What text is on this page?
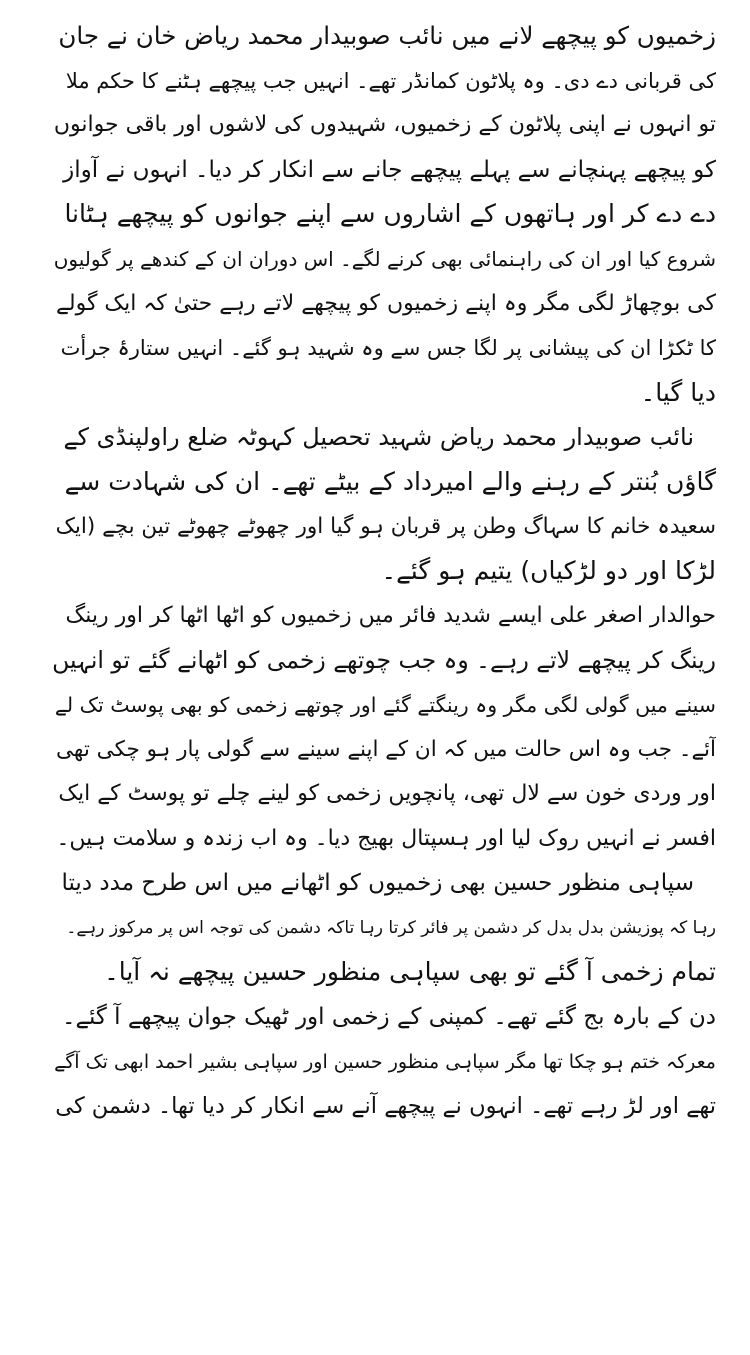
زخمیوں کو پیچھے لانے میں نائب صوبیدار محمد ریاض خان نے جان
کی قربانی دے دی۔ وہ پلاٹون کمانڈر تھے۔ انہیں جب پیچھے ہٹنے کا حکم ملا
تو انہوں نے اپنی پلاٹون کے زخمیوں، شہیدوں کی لاشوں اور باقی جوانوں
کو پیچھے پہنچانے سے پہلے پیچھے جانے سے انکار کر دیا۔ انہوں نے آواز
دے دے کر اور ہاتھوں کے اشاروں سے اپنے جوانوں کو پیچھے ہٹانا
شروع کیا اور ان کی راہنمائی بھی کرنے لگے۔ اس دوران ان کے کندھے پر گولیوں
کی بوچھاڑ لگی مگر وہ اپنے زخمیوں کو پیچھے لاتے رہے حتیٰ کہ ایک گولے
کا ٹکڑا ان کی پیشانی پر لگا جس سے وہ شہید ہو گئے۔ انہیں ستارۂ جرأت
دیا گیا۔
نائب صوبیدار محمد ریاض شہید تحصیل کہوٹہ ضلع راولپنڈی کے
گاؤں بُنتر کے رہنے والے امیرداد کے بیٹے تھے۔ ان کی شہادت سے
سعیدہ خانم کا سہاگ وطن پر قربان ہو گیا اور چھوٹے چھوٹے تین بچے (ایک
لڑکا اور دو لڑکیاں) یتیم ہو گئے۔
حوالدار اصغر علی ایسے شدید فائر میں زخمیوں کو اٹھا اٹھا کر اور رینگ
رینگ کر پیچھے لاتے رہے۔ وہ جب چوتھے زخمی کو اٹھانے گئے تو انہیں
سینے میں گولی لگی مگر وہ رینگتے گئے اور چوتھے زخمی کو بھی پوسٹ تک لے
آئے۔ جب وہ اس حالت میں کہ ان کے اپنے سینے سے گولی پار ہو چکی تھی
اور وردی خون سے لال تھی، پانچویں زخمی کو لینے چلے تو پوسٹ کے ایک
افسر نے انہیں روک لیا اور ہسپتال بھیج دیا۔ وہ اب زندہ و سلامت ہیں۔
سپاہی منظور حسین بھی زخمیوں کو اٹھانے میں اس طرح مدد دیتا
رہا کہ پوزیشن بدل بدل کر دشمن پر فائر کرتا رہا تاکہ دشمن کی توجہ اس پر مرکوز رہے۔
تمام زخمی آ گئے تو بھی سپاہی منظور حسین پیچھے نہ آیا۔
دن کے بارہ بج گئے تھے۔ کمپنی کے زخمی اور ٹھیک جوان پیچھے آ گئے۔
معرکہ ختم ہو چکا تھا مگر سپاہی منظور حسین اور سپاہی بشیر احمد ابھی تک آگے
تھے اور لڑ رہے تھے۔ انہوں نے پیچھے آنے سے انکار کر دیا تھا۔ دشمن کی
